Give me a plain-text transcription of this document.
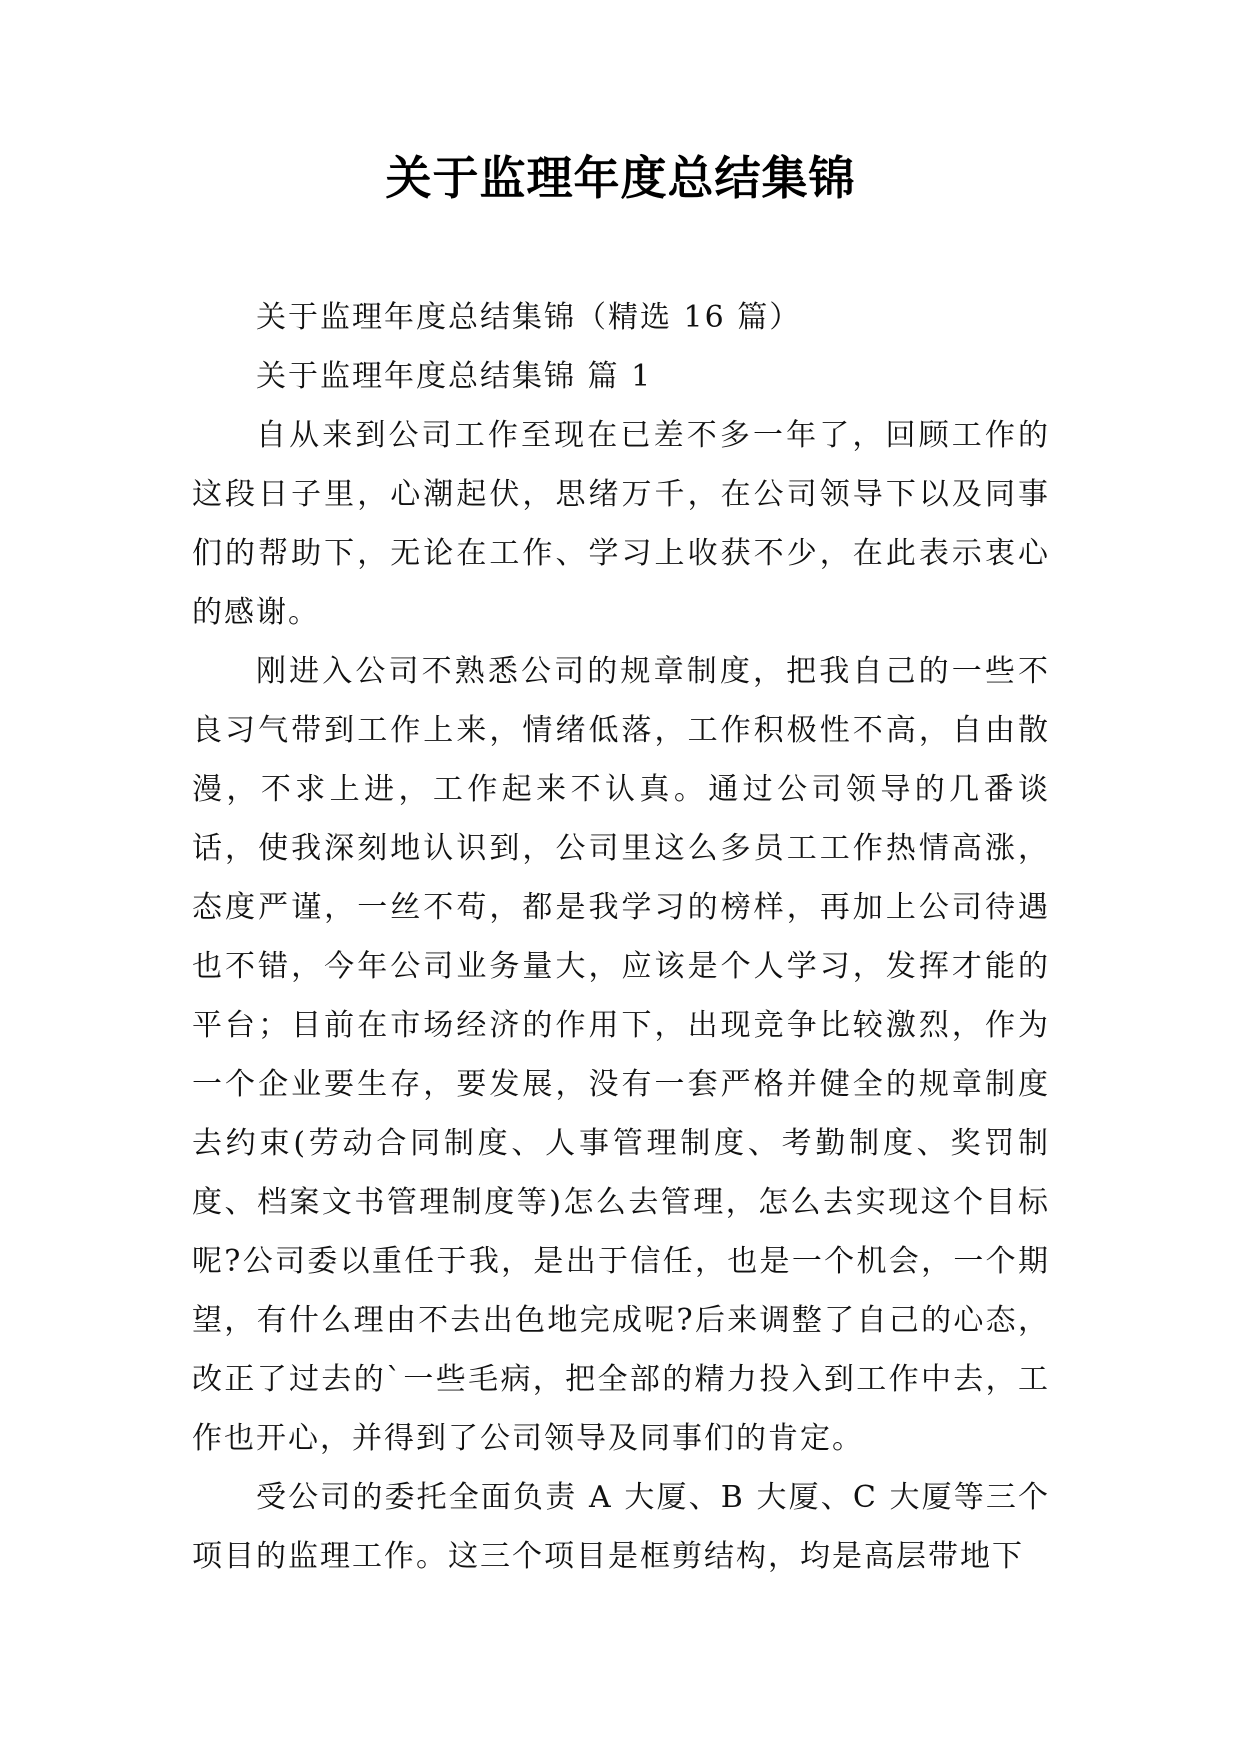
关于监理年度总结集锦

关于监理年度总结集锦（精选 16 篇）

关于监理年度总结集锦 篇 1

自从来到公司工作至现在已差不多一年了，回顾工作的这段日子里，心潮起伏，思绪万千，在公司领导下以及同事们的帮助下，无论在工作、学习上收获不少，在此表示衷心的感谢。

刚进入公司不熟悉公司的规章制度，把我自己的一些不良习气带到工作上来，情绪低落，工作积极性不高，自由散漫，不求上进，工作起来不认真。通过公司领导的几番谈话，使我深刻地认识到，公司里这么多员工工作热情高涨，态度严谨，一丝不苟，都是我学习的榜样，再加上公司待遇也不错，今年公司业务量大，应该是个人学习，发挥才能的平台；目前在市场经济的作用下，出现竞争比较激烈，作为一个企业要生存，要发展，没有一套严格并健全的规章制度去约束(劳动合同制度、人事管理制度、考勤制度、奖罚制度、档案文书管理制度等)怎么去管理，怎么去实现这个目标呢?公司委以重任于我，是出于信任，也是一个机会，一个期望，有什么理由不去出色地完成呢?后来调整了自己的心态，改正了过去的`一些毛病，把全部的精力投入到工作中去，工作也开心，并得到了公司领导及同事们的肯定。

受公司的委托全面负责 A 大厦、B 大厦、C 大厦等三个项目的监理工作。这三个项目是框剪结构，均是高层带地下
